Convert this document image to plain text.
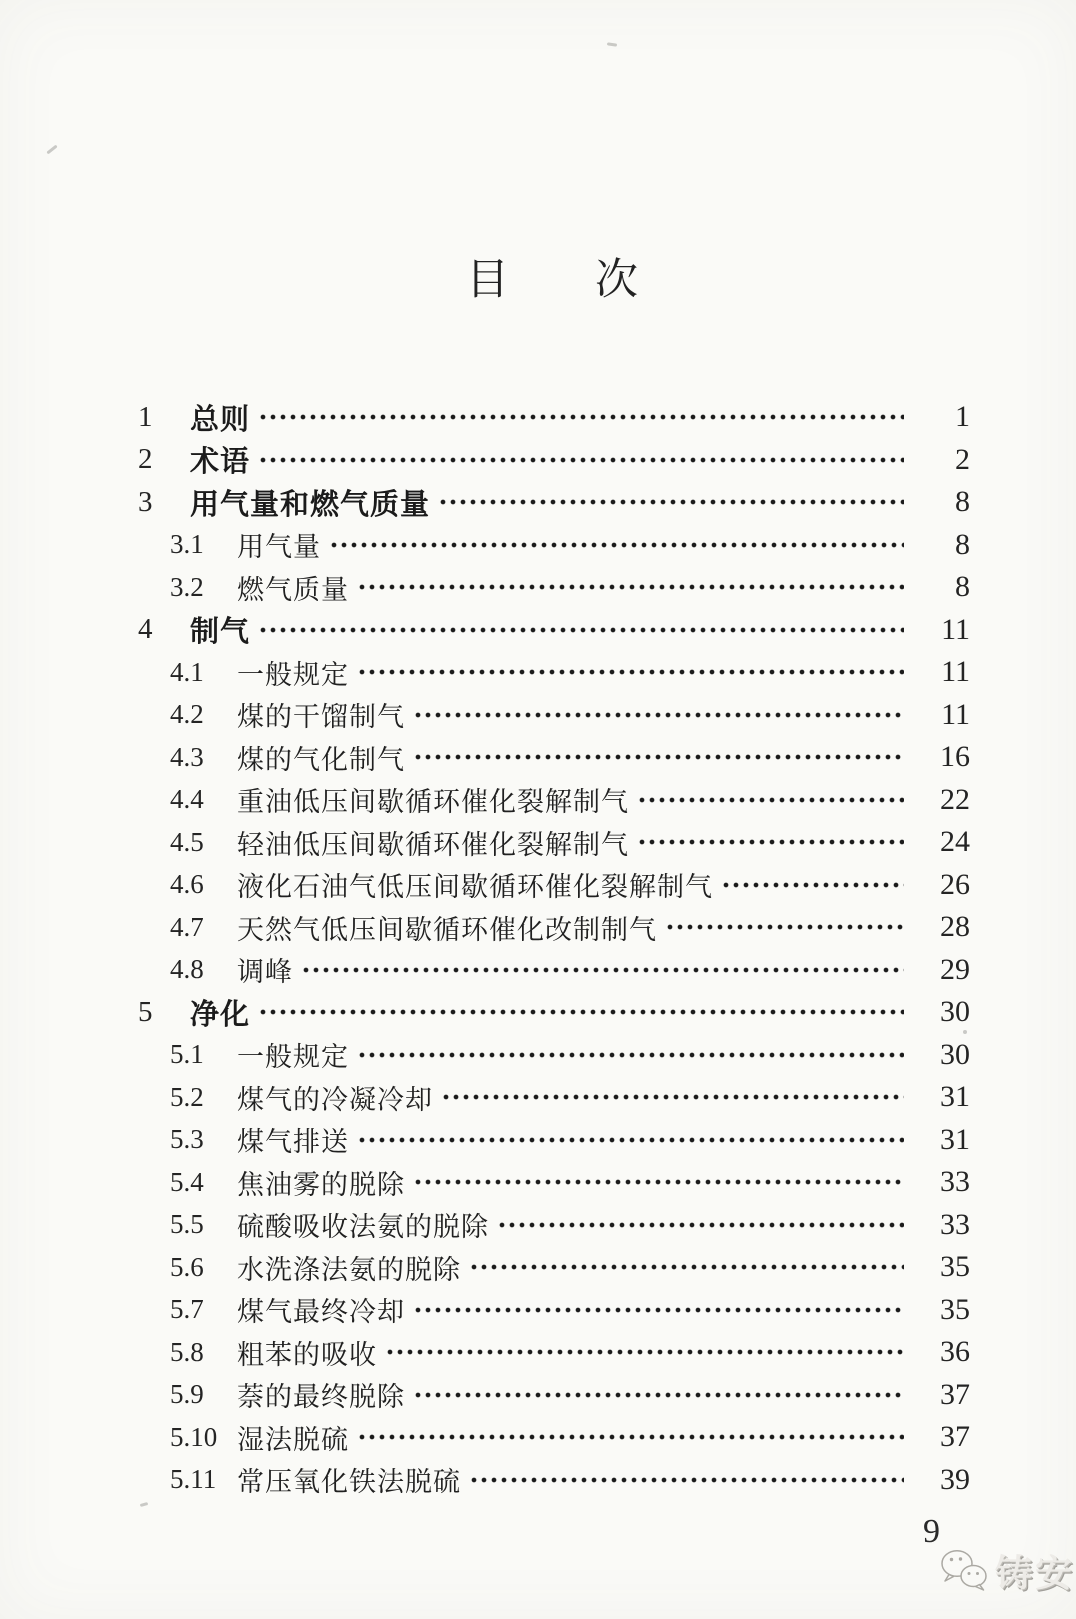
目 次
1	总则	1
2	术语	2
3	用气量和燃气质量	8
3.1	用气量	8
3.2	燃气质量	8
4	制气	11
4.1	一般规定	11
4.2	煤的干馏制气	11
4.3	煤的气化制气	16
4.4	重油低压间歇循环催化裂解制气	22
4.5	轻油低压间歇循环催化裂解制气	24
4.6	液化石油气低压间歇循环催化裂解制气	26
4.7	天然气低压间歇循环催化改制制气	28
4.8	调峰	29
5	净化	30
5.1	一般规定	30
5.2	煤气的冷凝冷却	31
5.3	煤气排送	31
5.4	焦油雾的脱除	33
5.5	硫酸吸收法氨的脱除	33
5.6	水洗涤法氨的脱除	35
5.7	煤气最终冷却	35
5.8	粗苯的吸收	36
5.9	萘的最终脱除	37
5.10 湿法脱硫	37
5.11 常压氧化铁法脱硫	39
9
铸安
